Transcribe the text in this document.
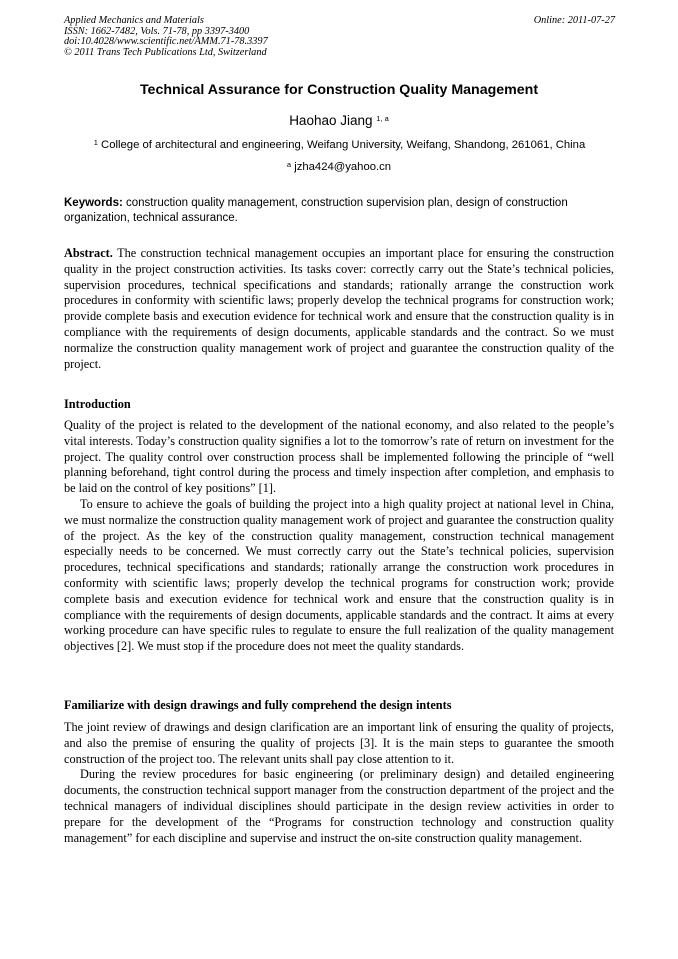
Applied Mechanics and Materials
ISSN: 1662-7482, Vols. 71-78, pp 3397-3400
doi:10.4028/www.scientific.net/AMM.71-78.3397
© 2011 Trans Tech Publications Ltd, Switzerland
Online: 2011-07-27
Technical Assurance for Construction Quality Management
Haohao Jiang $^{1, a}$
$^1$ College of architectural and engineering, Weifang University, Weifang, Shandong, 261061, China
$^a$ jzha424@yahoo.cn
Keywords: construction quality management, construction supervision plan, design of construction organization, technical assurance.
Abstract. The construction technical management occupies an important place for ensuring the construction quality in the project construction activities. Its tasks cover: correctly carry out the State’s technical policies, supervision procedures, technical specifications and standards; rationally arrange the construction work procedures in conformity with scientific laws; properly develop the technical programs for construction work; provide complete basis and execution evidence for technical work and ensure that the construction quality is in compliance with the requirements of design documents, applicable standards and the contract. So we must normalize the construction quality management work of project and guarantee the construction quality of the project.
Introduction

Quality of the project is related to the development of the national economy, and also related to the people’s vital interests. Today’s construction quality signifies a lot to the tomorrow’s rate of return on investment for the project. The quality control over construction process shall be implemented following the principle of “well planning beforehand, tight control during the process and timely inspection after completion, and emphasis to be laid on the control of key positions” [1].

To ensure to achieve the goals of building the project into a high quality project at national level in China, we must normalize the construction quality management work of project and guarantee the construction quality of the project. As the key of the construction quality management, construction technical management especially needs to be concerned. We must correctly carry out the State’s technical policies, supervision procedures, technical specifications and standards; rationally arrange the construction work procedures in conformity with scientific laws; properly develop the technical programs for construction work; provide complete basis and execution evidence for technical work and ensure that the construction quality is in compliance with the requirements of design documents, applicable standards and the contract. It aims at every working procedure can have specific rules to regulate to ensure the full realization of the quality management objectives [2]. We must stop if the procedure does not meet the quality standards.

Familiarize with design drawings and fully comprehend the design intents

The joint review of drawings and design clarification are an important link of ensuring the quality of projects, and also the premise of ensuring the quality of projects [3]. It is the main steps to guarantee the smooth construction of the project too. The relevant units shall pay close attention to it.

During the review procedures for basic engineering (or preliminary design) and detailed engineering documents, the construction technical support manager from the construction department of the project and the technical managers of individual disciplines should participate in the design review activities in order to prepare for the development of the “Programs for construction technology and construction quality management” for each discipline and supervise and instruct the on-site construction quality management.
